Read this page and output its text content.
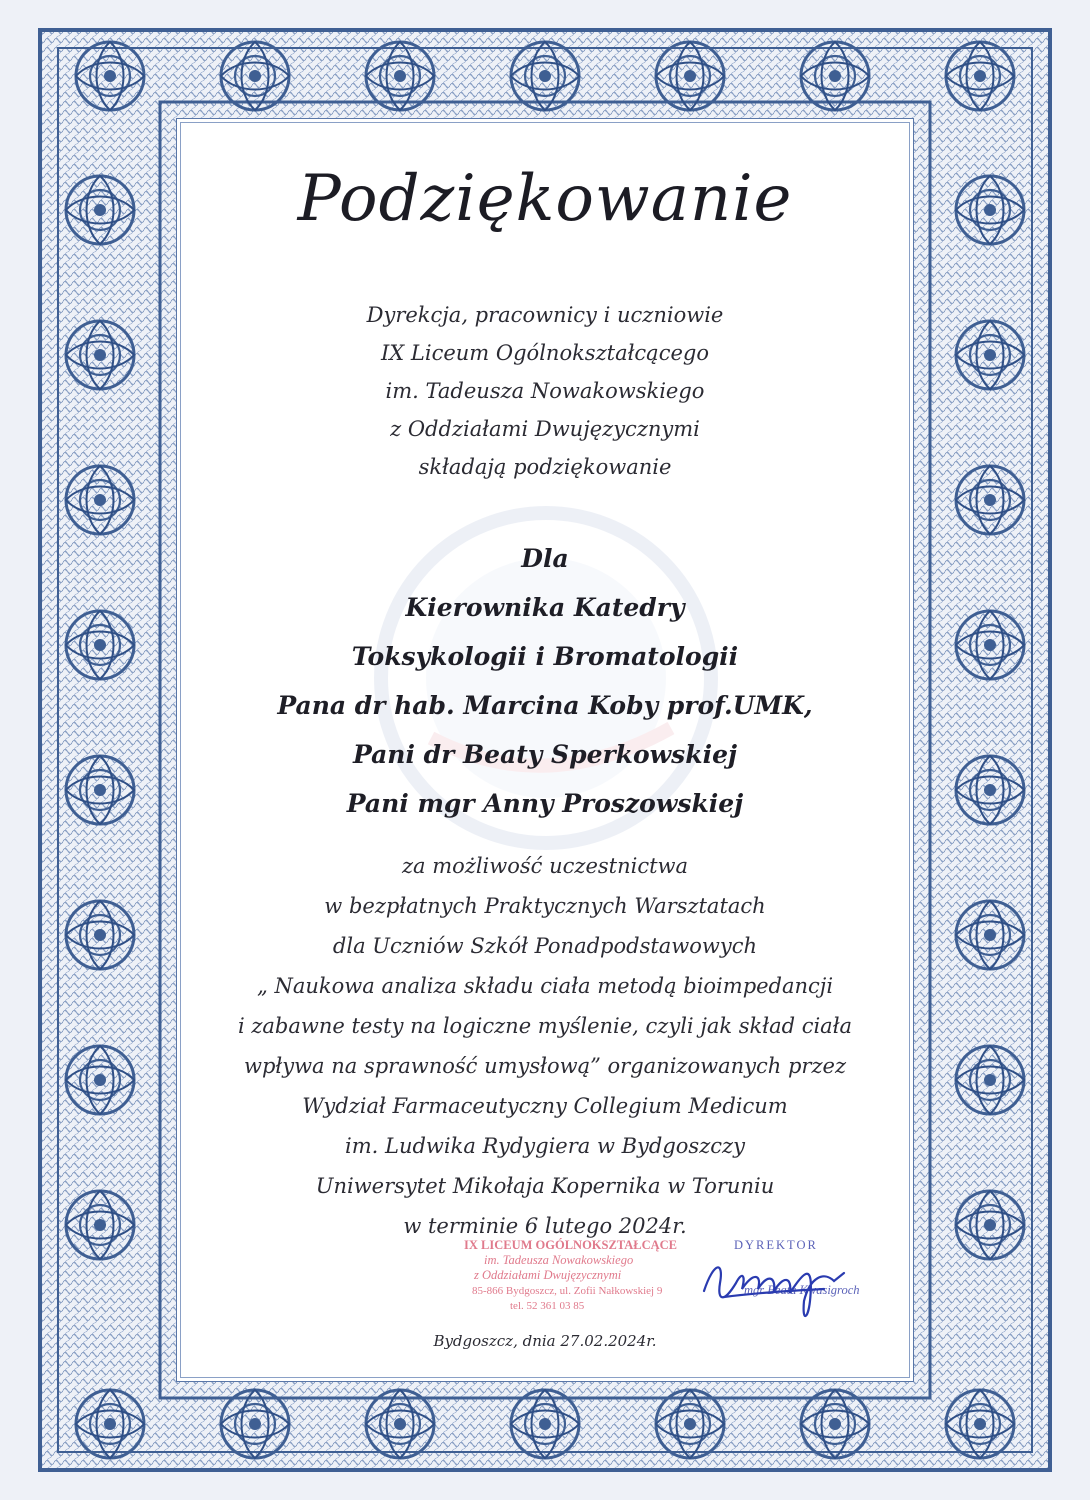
Podziękowanie
Dyrekcja, pracownicy i uczniowie
IX Liceum Ogólnokształcącego
im. Tadeusza Nowakowskiego
z Oddziałami Dwujęzycznymi
składają podziękowanie
Dla
Kierownika Katedry
Toksykologii i Bromatologii
Pana dr hab. Marcina Koby prof.UMK,
Pani dr Beaty Sperkowskiej
Pani mgr Anny Proszowskiej
za możliwość uczestnictwa
w bezpłatnych Praktycznych Warsztatach
dla Uczniów Szkół Ponadpodstawowych
„ Naukowa analiza składu ciała metodą bioimpedancji
i zabawne testy na logiczne myślenie, czyli jak skład ciała
wpływa na sprawność umysłową” organizowanych przez
Wydział Farmaceutyczny Collegium Medicum
im. Ludwika Rydygiera w Bydgoszczy
Uniwersytet Mikołaja Kopernika w Toruniu
w terminie 6 lutego 2024r.
IX LICEUM OGÓLNOKSZTAŁCĄCE
im. Tadeusza Nowakowskiego
z Oddziałami Dwujęzycznymi
85-866 Bydgoszcz, ul. Zofii Nałkowskiej 9
tel. 52 361 03 85
DYREKTOR
mgr Beata Kwasigroch
Bydgoszcz, dnia 27.02.2024r.
